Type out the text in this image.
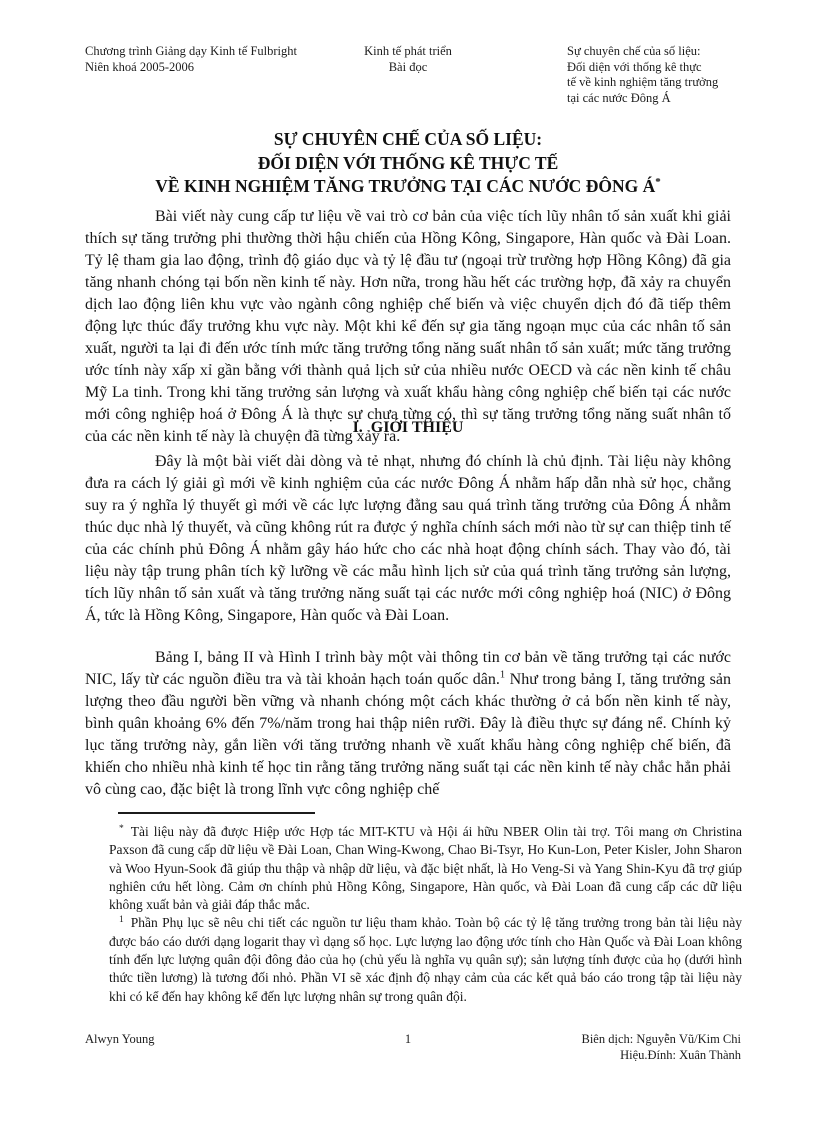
Chương trình Giảng dạy Kinh tế Fulbright
Niên khoá 2005-2006
Kinh tế phát triển
Bài đọc
Sự chuyên chế của số liệu:
Đối diện với thống kê thực
tế về kinh nghiệm tăng trưởng
tại các nước Đông Á
SỰ CHUYÊN CHẾ CỦA SỐ LIỆU:
ĐỐI DIỆN VỚI THỐNG KÊ THỰC TẾ
VỀ KINH NGHIỆM TĂNG TRƯỞNG TẠI CÁC NƯỚC ĐÔNG Á*

Bài viết này cung cấp tư liệu về vai trò cơ bản của việc tích lũy nhân tố sản xuất khi giải thích sự tăng trưởng phi thường thời hậu chiến của Hồng Kông, Singapore, Hàn quốc và Đài Loan. Tỷ lệ tham gia lao động, trình độ giáo dục và tỷ lệ đầu tư (ngoại trừ trường hợp Hồng Kông) đã gia tăng nhanh chóng tại bốn nền kinh tế này. Hơn nữa, trong hầu hết các trường hợp, đã xảy ra chuyển dịch lao động liên khu vực vào ngành công nghiệp chế biến và việc chuyển dịch đó đã tiếp thêm động lực thúc đẩy trưởng khu vực này. Một khi kể đến sự gia tăng ngoạn mục của các nhân tố sản xuất, người ta lại đi đến ước tính mức tăng trưởng tổng năng suất nhân tố sản xuất; mức tăng trưởng ước tính này xấp xỉ gần bằng với thành quả lịch sử của nhiều nước OECD và các nền kinh tế châu Mỹ La tinh. Trong khi tăng trưởng sản lượng và xuất khẩu hàng công nghiệp chế biến tại các nước mới công nghiệp hoá ở Đông Á là thực sự chưa từng có, thì sự tăng trưởng tổng năng suất nhân tố của các nền kinh tế này là chuyện đã từng xảy ra.

I.  GIỚI THIỆU

Đây là một bài viết dài dòng và tẻ nhạt, nhưng đó chính là chủ định. Tài liệu này không đưa ra cách lý giải gì mới về kinh nghiệm của các nước Đông Á nhằm hấp dẫn nhà sử học, chẳng suy ra ý nghĩa lý thuyết gì mới về các lực lượng đằng sau quá trình tăng trưởng của Đông Á nhằm thúc dục nhà lý thuyết, và cũng không rút ra được ý nghĩa chính sách mới nào từ sự can thiệp tinh tế của các chính phủ Đông Á nhằm gây háo hức cho các nhà hoạt động chính sách. Thay vào đó, tài liệu này tập trung phân tích kỹ lưỡng về các mẫu hình lịch sử của quá trình tăng trưởng sản lượng, tích lũy nhân tố sản xuất và tăng trưởng năng suất tại các nước mới công nghiệp hoá (NIC) ở Đông Á, tức là Hồng Kông, Singapore, Hàn quốc và Đài Loan.

Bảng I, bảng II và Hình I trình bày một vài thông tin cơ bản về tăng trưởng tại các nước NIC, lấy từ các nguồn điều tra và tài khoản hạch toán quốc dân.$^1$ Như trong bảng I, tăng trưởng sản lượng theo đầu người bền vững và nhanh chóng một cách khác thường ở cả bốn nền kinh tế này, bình quân khoảng 6% đến 7%/năm trong hai thập niên rưỡi. Đây là điều thực sự đáng nể. Chính kỷ lục tăng trưởng này, gắn liền với tăng trưởng nhanh về xuất khẩu hàng công nghiệp chế biến, đã khiến cho nhiều nhà kinh tế học tin rằng tăng trưởng năng suất tại các nền kinh tế này chắc hẳn phải vô cùng cao, đặc biệt là trong lĩnh vực công nghiệp chế

* Tài liệu này đã được Hiệp ước Hợp tác MIT-KTU và Hội ái hữu NBER Olin tài trợ. Tôi mang ơn Christina Paxson đã cung cấp dữ liệu về Đài Loan, Chan Wing-Kwong, Chao Bi-Tsyr, Ho Kun-Lon, Peter Kisler, John Sharon và Woo Hyun-Sook đã giúp thu thập và nhập dữ liệu, và đặc biệt nhất, là Ho Veng-Si và Yang Shin-Kyu đã trợ giúp nghiên cứu hết lòng. Cảm ơn chính phủ Hồng Kông, Singapore, Hàn quốc, và Đài Loan đã cung cấp các dữ liệu không xuất bản và giải đáp thắc mắc.

$^1$ Phần Phụ lục sẽ nêu chi tiết các nguồn tư liệu tham khảo. Toàn bộ các tỷ lệ tăng trưởng trong bản tài liệu này được báo cáo dưới dạng logarit thay vì dạng số học. Lực lượng lao động ước tính cho Hàn Quốc và Đài Loan không tính đến lực lượng quân đội đông đảo của họ (chủ yếu là nghĩa vụ quân sự); sản lượng tính được của họ (dưới hình thức tiền lương) là tương đối nhỏ. Phần VI sẽ xác định độ nhạy cảm của các kết quả báo cáo trong tập tài liệu này khi có kể đến hay không kể đến lực lượng nhân sự trong quân đội.

Alwyn Young	1	Biên dịch: Nguyễn Vũ/Kim Chi
Hiệu.Đính: Xuân Thành
